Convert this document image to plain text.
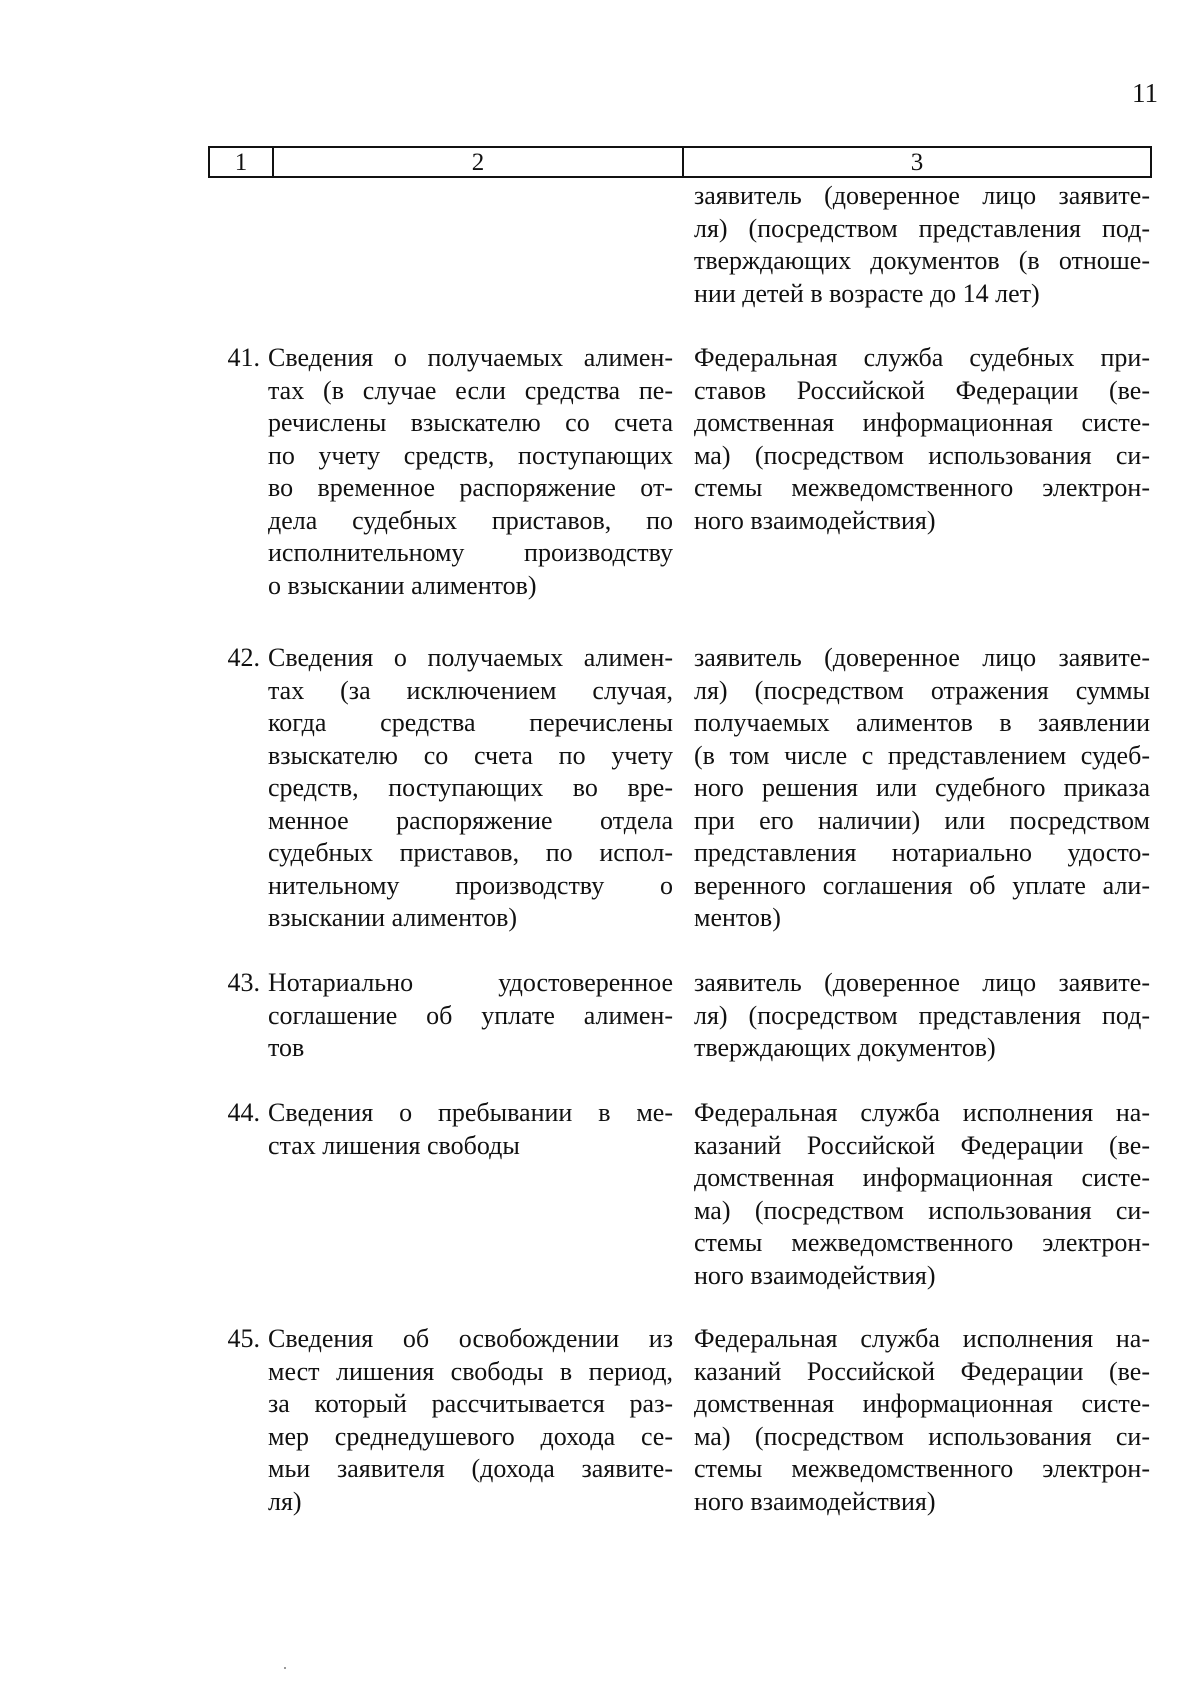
11
1	2	3
заявитель (доверенное лицо заявите-
ля) (посредством представления под-
тверждающих документов (в отноше-
нии детей в возрасте до 14 лет)
41. Сведения о получаемых алимен-
тах (в случае если средства пе-
речислены взыскателю со счета
по учету средств, поступающих
во временное распоряжение от-
дела судебных приставов, по
исполнительному производству
о взыскании алиментов)
Федеральная служба судебных при-
ставов Российской Федерации (ве-
домственная информационная систе-
ма) (посредством использования си-
стемы межведомственного электрон-
ного взаимодействия)
42. Сведения о получаемых алимен-
тах (за исключением случая,
когда средства перечислены
взыскателю со счета по учету
средств, поступающих во вре-
менное распоряжение отдела
судебных приставов, по испол-
нительному производству о
взыскании алиментов)
заявитель (доверенное лицо заявите-
ля) (посредством отражения суммы
получаемых алиментов в заявлении
(в том числе с представлением судеб-
ного решения или судебного приказа
при его наличии) или посредством
представления нотариально удосто-
веренного соглашения об уплате али-
ментов)
43. Нотариально удостоверенное
соглашение об уплате алимен-
тов
заявитель (доверенное лицо заявите-
ля) (посредством представления под-
тверждающих документов)
44. Сведения о пребывании в ме-
стах лишения свободы
Федеральная служба исполнения на-
казаний Российской Федерации (ве-
домственная информационная систе-
ма) (посредством использования си-
стемы межведомственного электрон-
ного взаимодействия)
45. Сведения об освобождении из
мест лишения свободы в период,
за который рассчитывается раз-
мер среднедушевого дохода се-
мьи заявителя (дохода заявите-
ля)
Федеральная служба исполнения на-
казаний Российской Федерации (ве-
домственная информационная систе-
ма) (посредством использования си-
стемы межведомственного электрон-
ного взаимодействия)
